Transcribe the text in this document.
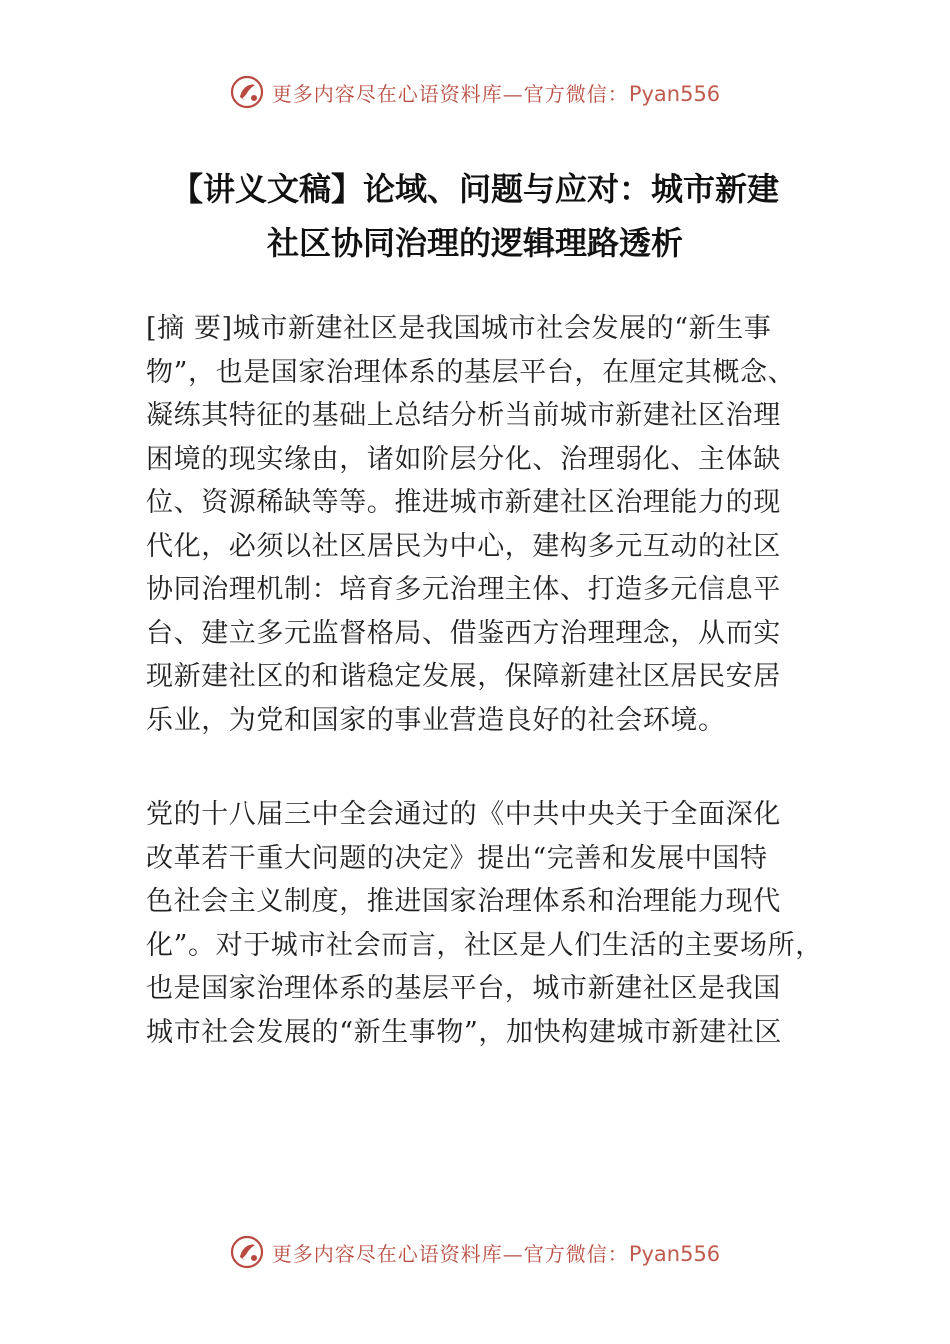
更多内容尽在心语资料库—官方微信：Pyan556
【讲义文稿】论域、问题与应对：城市新建
社区协同治理的逻辑理路透析
[摘 要]城市新建社区是我国城市社会发展的“新生事
物”，也是国家治理体系的基层平台，在厘定其概念、
凝练其特征的基础上总结分析当前城市新建社区治理
困境的现实缘由，诸如阶层分化、治理弱化、主体缺
位、资源稀缺等等。推进城市新建社区治理能力的现
代化，必须以社区居民为中心，建构多元互动的社区
协同治理机制：培育多元治理主体、打造多元信息平
台、建立多元监督格局、借鉴西方治理理念，从而实
现新建社区的和谐稳定发展，保障新建社区居民安居
乐业，为党和国家的事业营造良好的社会环境。
党的十八届三中全会通过的《中共中央关于全面深化
改革若干重大问题的决定》提出“完善和发展中国特
色社会主义制度，推进国家治理体系和治理能力现代
化”。对于城市社会而言，社区是人们生活的主要场所，
也是国家治理体系的基层平台，城市新建社区是我国
城市社会发展的“新生事物”，加快构建城市新建社区
更多内容尽在心语资料库—官方微信：Pyan556
